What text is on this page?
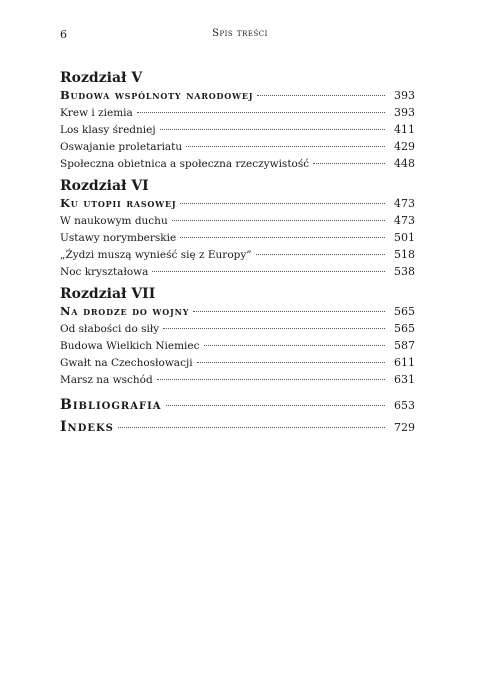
6	Spis treści
Rozdział V
Budowa wspólnoty narodowej	393
Krew i ziemia	393
Los klasy średniej	411
Oswajanie proletariatu	429
Społeczna obietnica a społeczna rzeczywistość	448
Rozdział VI
Ku utopii rasowej	473
W naukowym duchu	473
Ustawy norymberskie	501
„Żydzi muszą wynieść się z Europy”	518
Noc kryształowa	538
Rozdział VII
Na drodze do wojny	565
Od słabości do siły	565
Budowa Wielkich Niemiec	587
Gwałt na Czechosłowacji	611
Marsz na wschód	631
Bibliografia	653
Indeks	729
